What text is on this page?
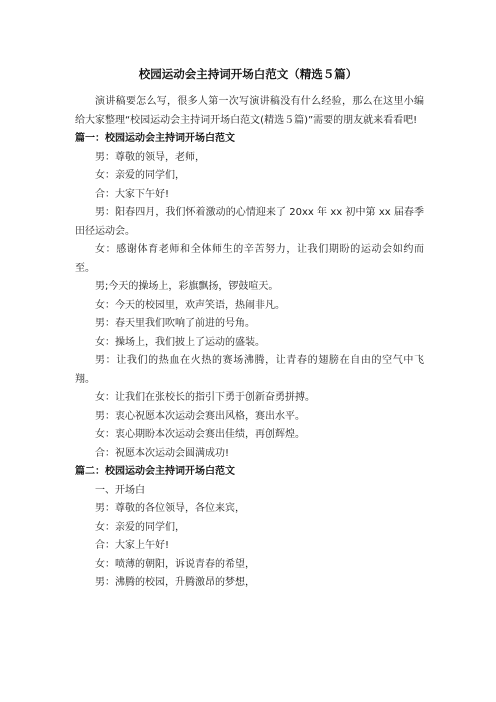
校园运动会主持词开场白范文（精选５篇）

演讲稿要怎么写，很多人第一次写演讲稿没有什么经验，那么在这里小编给大家整理“校园运动会主持词开场白范文(精选５篇)”需要的朋友就来看看吧!

篇一：校园运动会主持词开场白范文

男：尊敬的领导，老师，

女：亲爱的同学们，

合：大家下午好!

男：阳春四月，我们怀着激动的心情迎来了 20xx 年 xx 初中第 xx 届春季田径运动会。

女：感谢体育老师和全体师生的辛苦努力，让我们期盼的运动会如约而至。

男;今天的操场上，彩旗飘扬，锣鼓喧天。

女：今天的校园里，欢声笑语，热闹非凡。

男：春天里我们吹响了前进的号角。

女：操场上，我们披上了运动的盛装。

男：让我们的热血在火热的赛场沸腾，让青春的翅膀在自由的空气中飞翔。

女：让我们在张校长的指引下勇于创新奋勇拼搏。

男：衷心祝愿本次运动会赛出风格，赛出水平。

女：衷心期盼本次运动会赛出佳绩，再创辉煌。

合：祝愿本次运动会圆满成功!

篇二：校园运动会主持词开场白范文

一、开场白

男：尊敬的各位领导，各位来宾，

女：亲爱的同学们，

合：大家上午好!

女：喷薄的朝阳，诉说青春的希望，

男：沸腾的校园，升腾激昂的梦想，
